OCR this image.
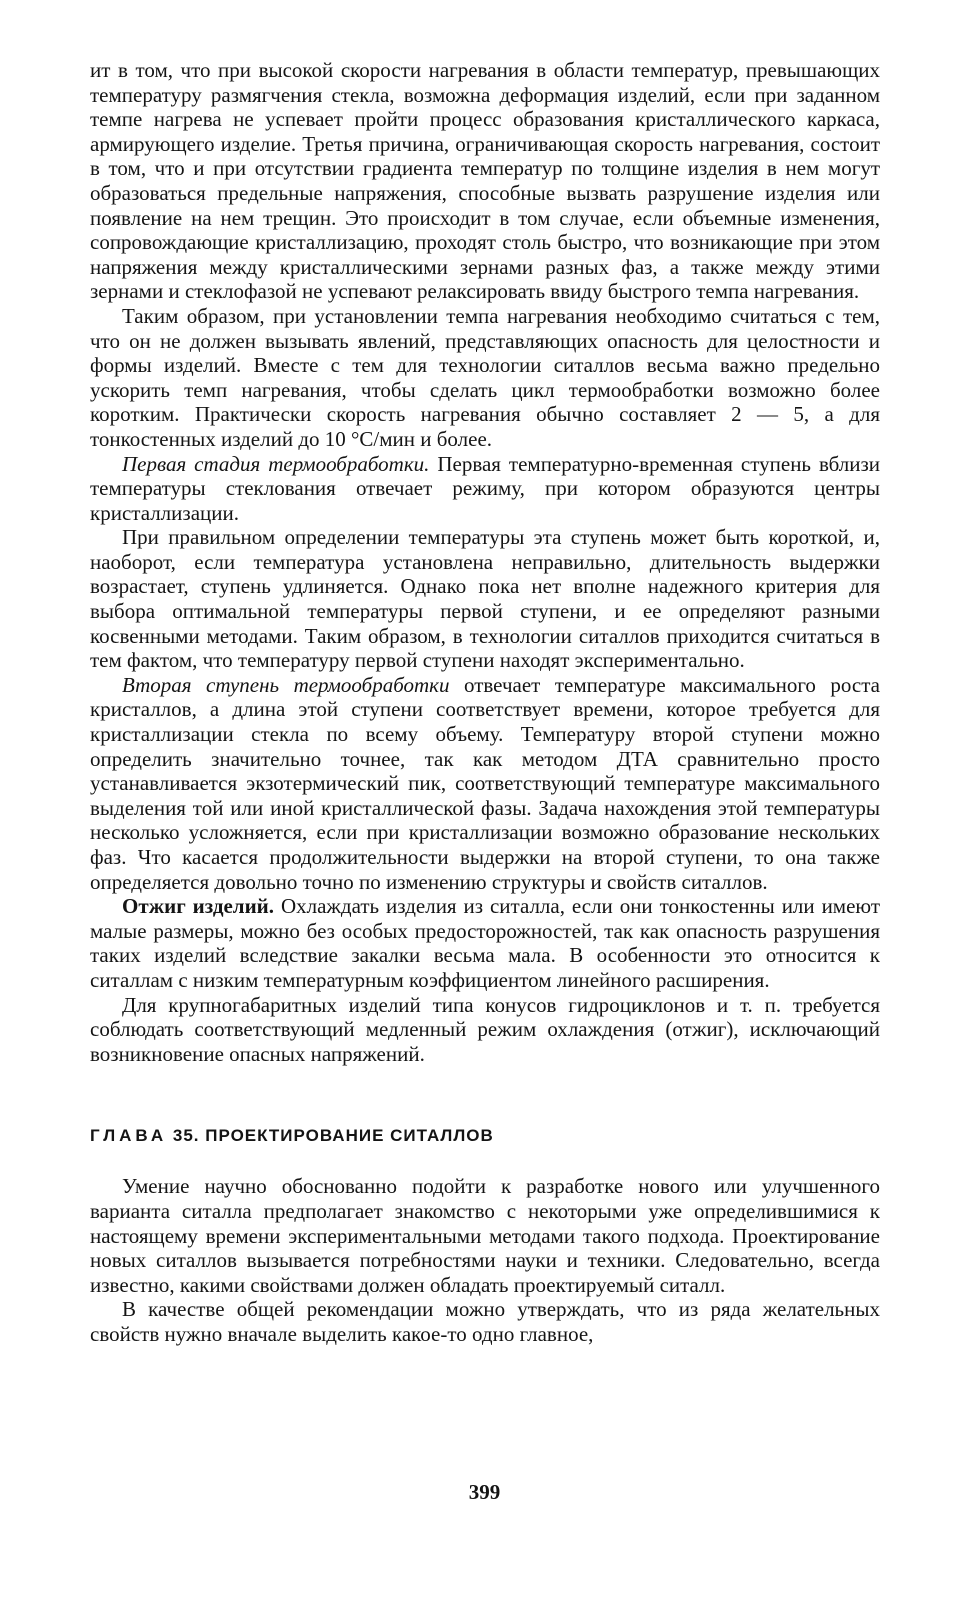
ит в том, что при высокой скорости нагревания в области температур, превышающих температуру размягчения стекла, возможна деформация изделий, если при заданном темпе нагрева не успевает пройти процесс образования кристаллического каркаса, армирующего изделие. Третья причина, ограничивающая скорость нагревания, состоит в том, что и при отсутствии градиента температур по толщине изделия в нем могут образоваться предельные напряжения, способные вызвать разрушение изделия или появление на нем трещин. Это происходит в том случае, если объемные изменения, сопровождающие кристаллизацию, проходят столь быстро, что возникающие при этом напряжения между кристаллическими зернами разных фаз, а также между этими зернами и стеклофазой не успевают релаксировать ввиду быстрого темпа нагревания.

Таким образом, при установлении темпа нагревания необходимо считаться с тем, что он не должен вызывать явлений, представляющих опасность для целостности и формы изделий. Вместе с тем для технологии ситаллов весьма важно предельно ускорить темп нагревания, чтобы сделать цикл термообработки возможно более коротким. Практически скорость нагревания обычно составляет 2 — 5, а для тонкостенных изделий до 10 °С/мин и более.

Первая стадия термообработки. Первая температурно-временная ступень вблизи температуры стеклования отвечает режиму, при котором образуются центры кристаллизации.

При правильном определении температуры эта ступень может быть короткой, и, наоборот, если температура установлена неправильно, длительность выдержки возрастает, ступень удлиняется. Однако пока нет вполне надежного критерия для выбора оптимальной температуры первой ступени, и ее определяют разными косвенными методами. Таким образом, в технологии ситаллов приходится считаться в тем фактом, что температуру первой ступени находят экспериментально.

Вторая ступень термообработки отвечает температуре максимального роста кристаллов, а длина этой ступени соответствует времени, которое требуется для кристаллизации стекла по всему объему. Температуру второй ступени можно определить значительно точнее, так как методом ДТА сравнительно просто устанавливается экзотермический пик, соответствующий температуре максимального выделения той или иной кристаллической фазы. Задача нахождения этой температуры несколько усложняется, если при кристаллизации возможно образование нескольких фаз. Что касается продолжительности выдержки на второй ступени, то она также определяется довольно точно по изменению структуры и свойств ситаллов.

Отжиг изделий. Охлаждать изделия из ситалла, если они тонкостенны или имеют малые размеры, можно без особых предосторожностей, так как опасность разрушения таких изделий вследствие закалки весьма мала. В особенности это относится к ситаллам с низким температурным коэффициентом линейного расширения.

Для крупногабаритных изделий типа конусов гидроциклонов и т. п. требуется соблюдать соответствующий медленный режим охлаждения (отжиг), исключающий возникновение опасных напряжений.

ГЛАВА 35. ПРОЕКТИРОВАНИЕ СИТАЛЛОВ

Умение научно обоснованно подойти к разработке нового или улучшенного варианта ситалла предполагает знакомство с некоторыми уже определившимися к настоящему времени экспериментальными методами такого подхода. Проектирование новых ситаллов вызывается потребностями науки и техники. Следовательно, всегда известно, какими свойствами должен обладать проектируемый ситалл.

В качестве общей рекомендации можно утверждать, что из ряда желательных свойств нужно вначале выделить какое-то одно главное,

399
